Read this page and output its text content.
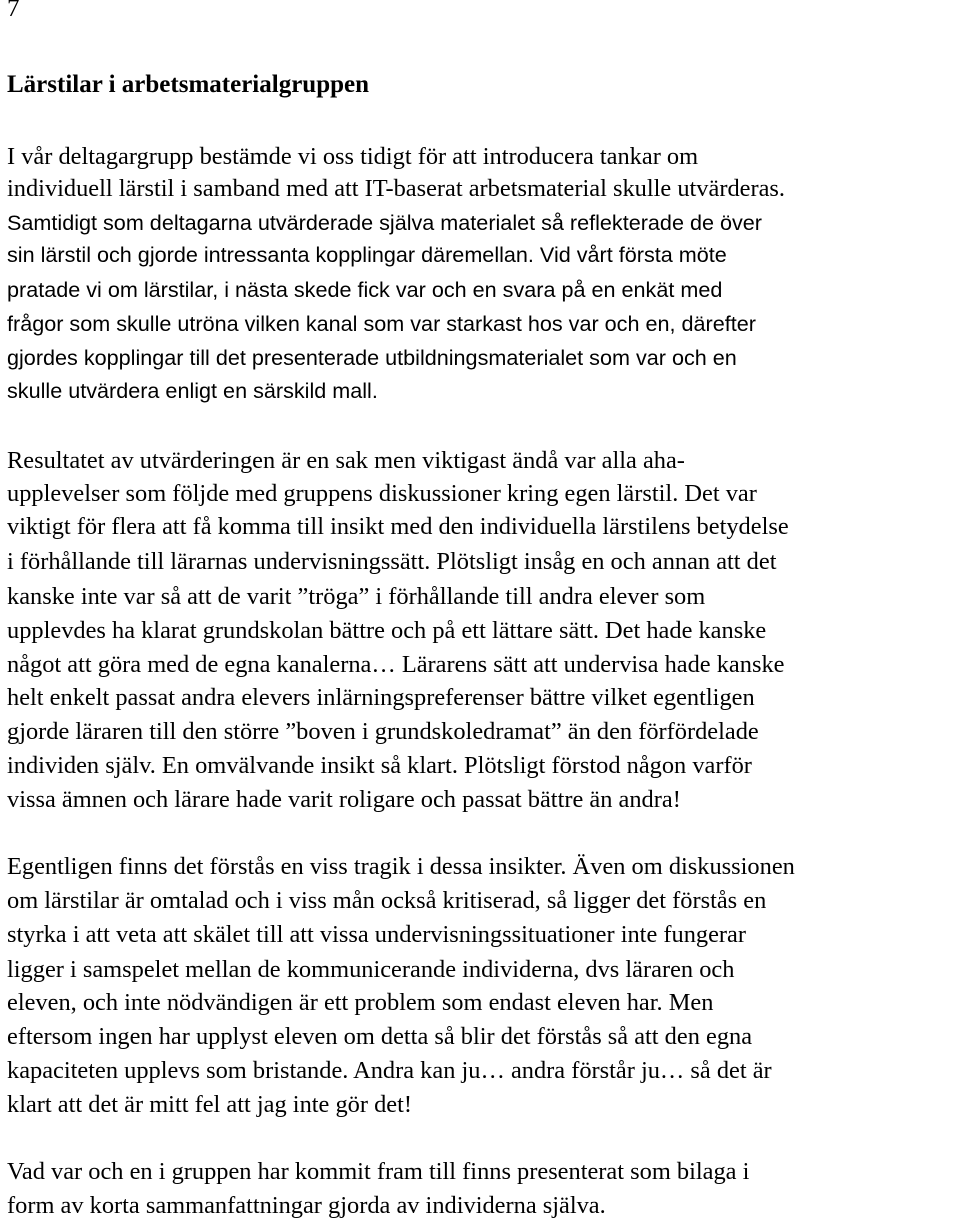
7
Lärstilar i arbetsmaterialgruppen
I vår deltagargrupp bestämde vi oss tidigt för att introducera tankar om
individuell lärstil i samband med att IT-baserat arbetsmaterial skulle utvärderas.
Samtidigt som deltagarna utvärderade själva materialet så reflekterade de över
sin lärstil och gjorde intressanta kopplingar däremellan. Vid vårt första möte
pratade vi om lärstilar, i nästa skede fick var och en svara på en enkät med
frågor som skulle utröna vilken kanal som var starkast hos var och en, därefter
gjordes kopplingar till det presenterade utbildningsmaterialet som var och en
skulle utvärdera enligt en särskild mall.
Resultatet av utvärderingen är en sak men viktigast ändå var alla aha-
upplevelser som följde med gruppens diskussioner kring egen lärstil. Det var
viktigt för flera att få komma till insikt med den individuella lärstilens betydelse
i förhållande till lärarnas undervisningssätt. Plötsligt insåg en och annan att det
kanske inte var så att de varit ”tröga” i förhållande till andra elever som
upplevdes ha klarat grundskolan bättre och på ett lättare sätt. Det hade kanske
något att göra med de egna kanalerna… Lärarens sätt att undervisa hade kanske
helt enkelt passat andra elevers inlärningspreferenser bättre vilket egentligen
gjorde läraren till den större ”boven i grundskoledramat” än den förfördelade
individen själv. En omvälvande insikt så klart. Plötsligt förstod någon varför
vissa ämnen och lärare hade varit roligare och passat bättre än andra!
Egentligen finns det förstås en viss tragik i dessa insikter. Även om diskussionen
om lärstilar är omtalad och i viss mån också kritiserad, så ligger det förstås en
styrka i att veta att skälet till att vissa undervisningssituationer inte fungerar
ligger i samspelet mellan de kommunicerande individerna, dvs läraren och
eleven, och inte nödvändigen är ett problem som endast eleven har. Men
eftersom ingen har upplyst eleven om detta så blir det förstås så att den egna
kapaciteten upplevs som bristande. Andra kan ju… andra förstår ju… så det är
klart att det är mitt fel att jag inte gör det!
Vad var och en i gruppen har kommit fram till finns presenterat som bilaga i
form av korta sammanfattningar gjorda av individerna själva.
